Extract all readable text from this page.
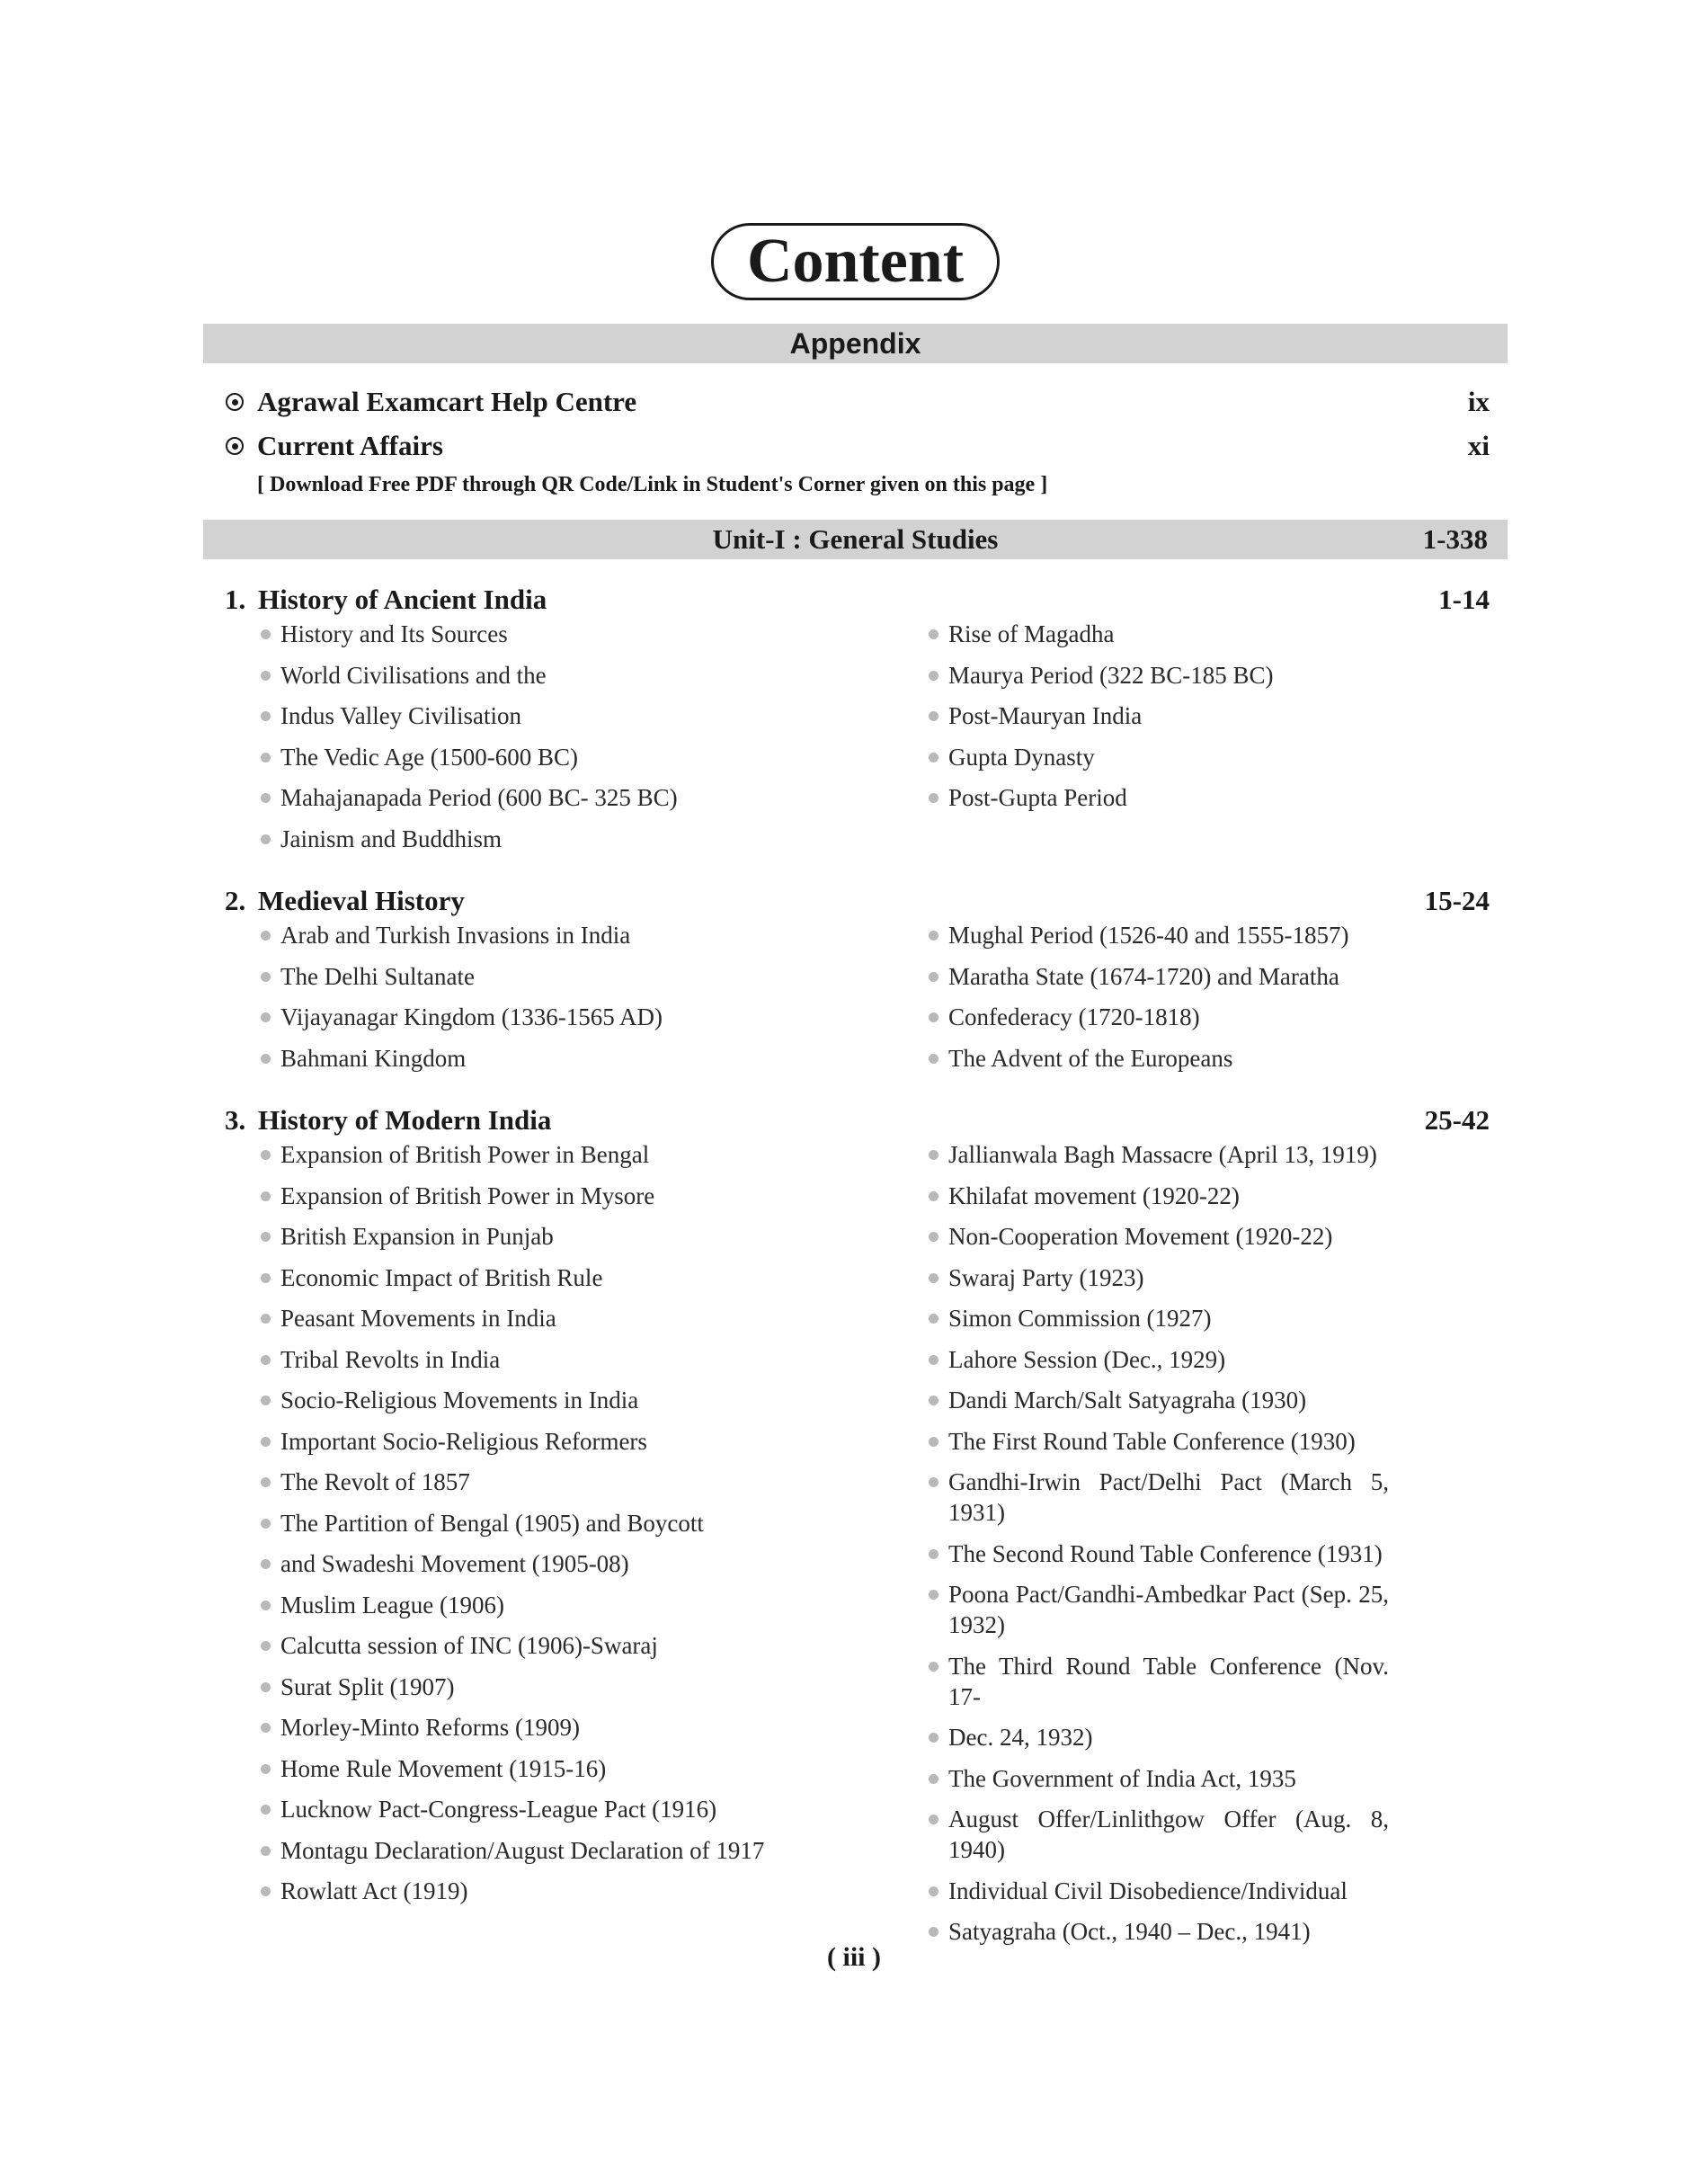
Content
Appendix
Agrawal Examcart Help Centre	ix
Current Affairs	xi
[ Download Free PDF through QR Code/Link in Student's Corner given on this page ]
Unit-I : General Studies	1-338
1. History of Ancient India	1-14
History and Its Sources
World Civilisations and the
Indus Valley Civilisation
The Vedic Age (1500-600 BC)
Mahajanapada Period (600 BC- 325 BC)
Jainism and Buddhism
Rise of Magadha
Maurya Period (322 BC-185 BC)
Post-Mauryan India
Gupta Dynasty
Post-Gupta Period
2. Medieval History	15-24
Arab and Turkish Invasions in India
The Delhi Sultanate
Vijayanagar Kingdom (1336-1565 AD)
Bahmani Kingdom
Mughal Period (1526-40 and 1555-1857)
Maratha State (1674-1720) and Maratha
Confederacy (1720-1818)
The Advent of the Europeans
3. History of Modern India	25-42
Expansion of British Power in Bengal
Expansion of British Power in Mysore
British Expansion in Punjab
Economic Impact of British Rule
Peasant Movements in India
Tribal Revolts in India
Socio-Religious Movements in India
Important Socio-Religious Reformers
The Revolt of 1857
The Partition of Bengal (1905) and Boycott
and Swadeshi Movement (1905-08)
Muslim League (1906)
Calcutta session of INC (1906)-Swaraj
Surat Split (1907)
Morley-Minto Reforms (1909)
Home Rule Movement (1915-16)
Lucknow Pact-Congress-League Pact (1916)
Montagu Declaration/August Declaration of 1917
Rowlatt Act (1919)
Jallianwala Bagh Massacre (April 13, 1919)
Khilafat movement (1920-22)
Non-Cooperation Movement (1920-22)
Swaraj Party (1923)
Simon Commission (1927)
Lahore Session (Dec., 1929)
Dandi March/Salt Satyagraha (1930)
The First Round Table Conference (1930)
Gandhi-Irwin Pact/Delhi Pact (March 5, 1931)
The Second Round Table Conference (1931)
Poona Pact/Gandhi-Ambedkar Pact (Sep. 25, 1932)
The Third Round Table Conference (Nov. 17-
Dec. 24, 1932)
The Government of India Act, 1935
August Offer/Linlithgow Offer (Aug. 8, 1940)
Individual Civil Disobedience/Individual
Satyagraha (Oct., 1940 – Dec., 1941)
( iii )
